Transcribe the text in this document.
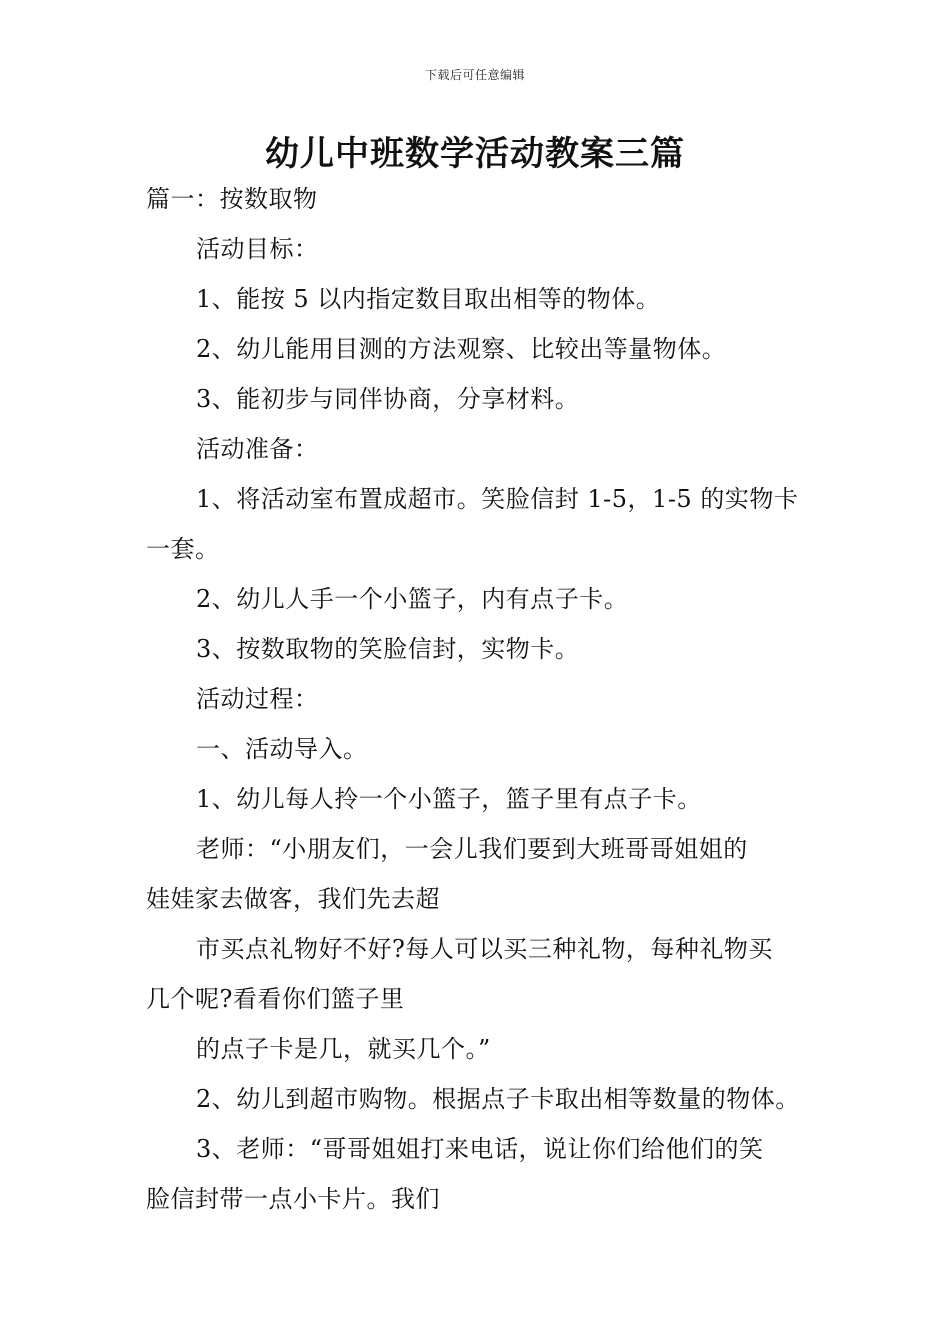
下载后可任意编辑
幼儿中班数学活动教案三篇

篇一：按数取物

活动目标：

1、能按 5 以内指定数目取出相等的物体。

2、幼儿能用目测的方法观察、比较出等量物体。

3、能初步与同伴协商，分享材料。

活动准备：

1、将活动室布置成超市。笑脸信封 1-5，1-5 的实物卡

一套。

2、幼儿人手一个小篮子，内有点子卡。

3、按数取物的笑脸信封，实物卡。

活动过程：

一、活动导入。

1、幼儿每人拎一个小篮子，篮子里有点子卡。

老师：“小朋友们，一会儿我们要到大班哥哥姐姐的

娃娃家去做客，我们先去超

市买点礼物好不好?每人可以买三种礼物，每种礼物买

几个呢?看看你们篮子里

的点子卡是几，就买几个。”

2、幼儿到超市购物。根据点子卡取出相等数量的物体。

3、老师：“哥哥姐姐打来电话，说让你们给他们的笑

脸信封带一点小卡片。我们
